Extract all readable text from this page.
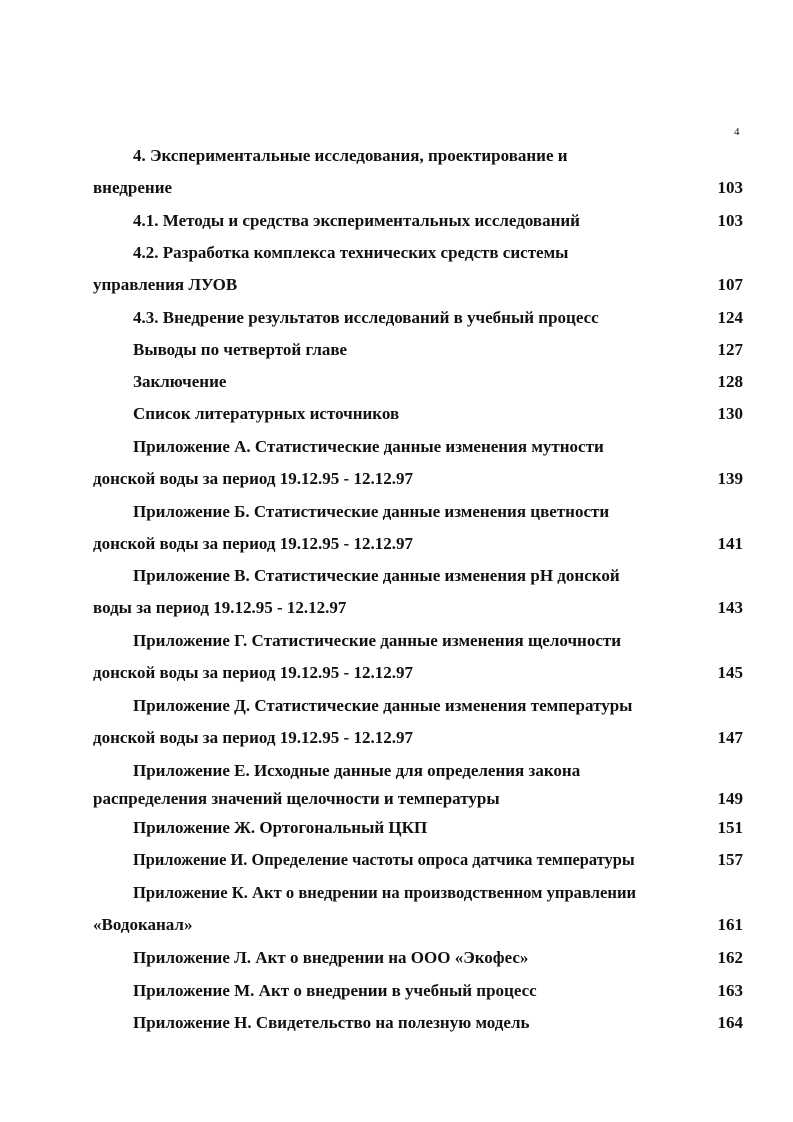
4
4. Экспериментальные исследования, проектирование и
внедрение	103
4.1. Методы и средства экспериментальных исследований	103
4.2. Разработка комплекса технических средств системы
управления ЛУОВ	107
4.3. Внедрение результатов исследований в учебный процесс	124
Выводы по четвертой главе	127
Заключение	128
Список литературных источников	130
Приложение А. Статистические данные изменения мутности
донской воды за период 19.12.95 - 12.12.97	139
Приложение Б. Статистические данные изменения цветности
донской воды за период 19.12.95 - 12.12.97	141
Приложение В. Статистические данные изменения pH донской
воды за период 19.12.95 - 12.12.97	143
Приложение Г. Статистические данные изменения щелочности
донской воды за период 19.12.95 - 12.12.97	145
Приложение Д. Статистические данные изменения температуры
донской воды за период 19.12.95 - 12.12.97	147
Приложение Е. Исходные данные для определения закона
распределения значений щелочности и температуры	149
Приложение Ж. Ортогональный ЦКП	151
Приложение И. Определение частоты опроса датчика температуры	157
Приложение К. Акт о внедрении на производственном управлении
«Водоканал»	161
Приложение Л. Акт о внедрении на ООО «Экофес»	162
Приложение М. Акт о внедрении в учебный процесс	163
Приложение Н. Свидетельство на полезную модель	164
